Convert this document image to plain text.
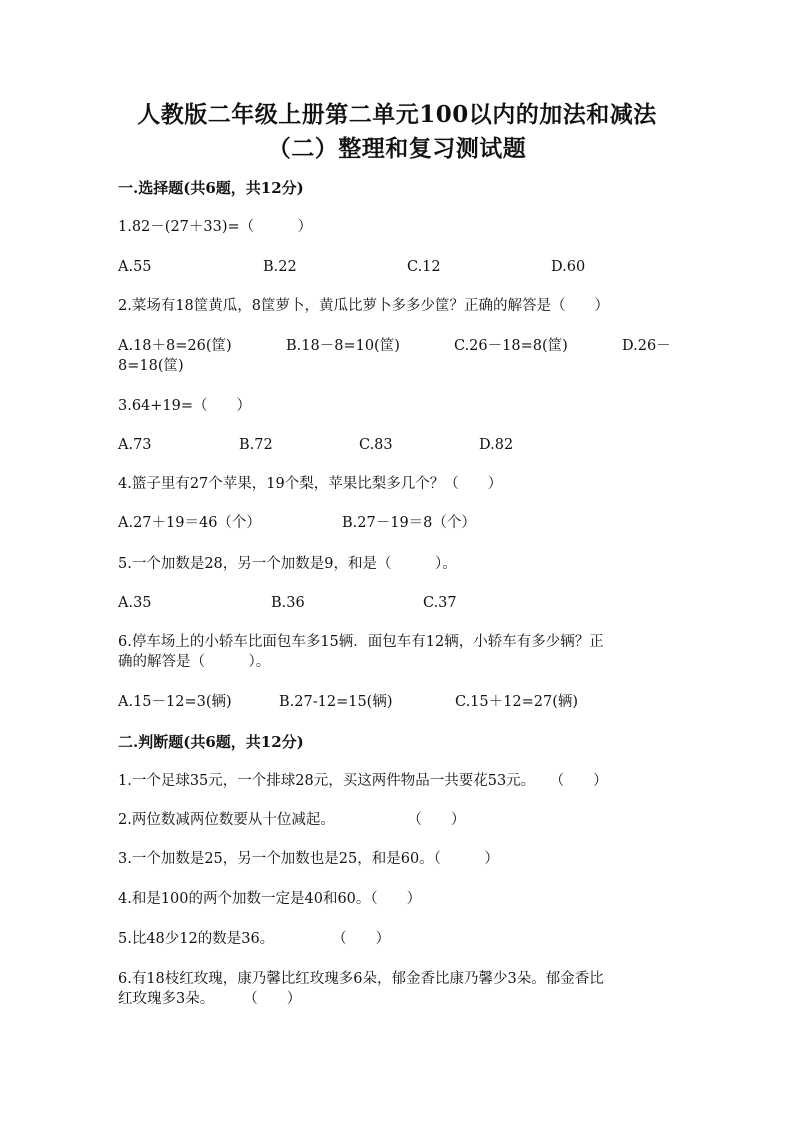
人教版二年级上册第二单元100以内的加法和减法
（二）整理和复习测试题
一.选择题(共6题，共12分)
1.82－(27＋33)=（　　　）
A.55	B.22	C.12	D.60
2.菜场有18筐黄瓜，8筐萝卜，黄瓜比萝卜多多少筐？正确的解答是（　　）
A.18＋8=26(筐)	B.18－8=10(筐)	C.26－18=8(筐)	D.26－
8=18(筐)
3.64+19=（　　）
A.73	B.72	C.83	D.82
4.篮子里有27个苹果，19个梨，苹果比梨多几个？（　　）
A.27＋19＝46（个）	B.27－19＝8（个）
5.一个加数是28，另一个加数是9，和是（　　　）。
A.35	B.36	C.37
6.停车场上的小轿车比面包车多15辆．面包车有12辆，小轿车有多少辆？正
确的解答是（　　　）。
A.15－12=3(辆)	B.27-12=15(辆)	C.15＋12=27(辆)
二.判断题(共6题，共12分)
1.一个足球35元，一个排球28元，买这两件物品一共要花53元。　　（　　）
2.两位数减两位数要从十位减起。　　　　　　（　　）
3.一个加数是25，另一个加数也是25，和是60。（　　　）
4.和是100的两个加数一定是40和60。（　　）
5.比48少12的数是36。　　　　　（　　）
6.有18枝红玫瑰，康乃馨比红玫瑰多6朵，郁金香比康乃馨少3朵。郁金香比
红玫瑰多3朵。　　　（　　）
